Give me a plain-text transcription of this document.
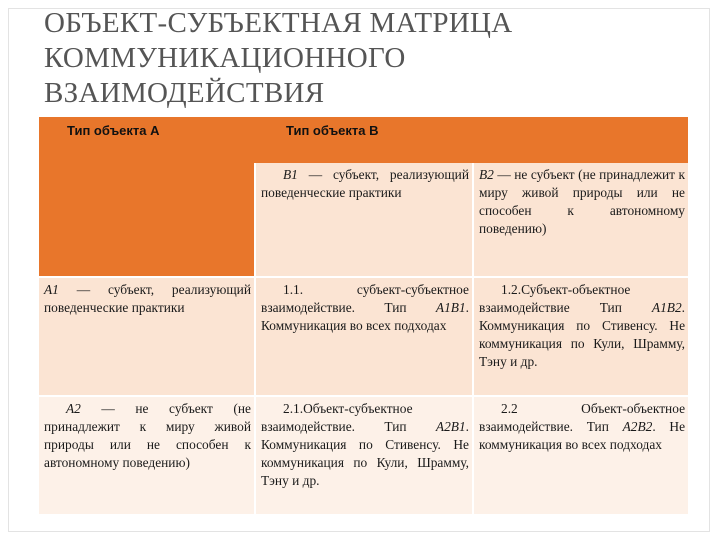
ОБЪЕКТ-СУБЪЕКТНАЯ МАТРИЦА
КОММУНИКАЦИОННОГО
ВЗАИМОДЕЙСТВИЯ
Тип объекта А	Тип объекта В	

	B1 — субъект, реализующий поведенческие практики	B2 — не субъект (не принадлежит к миру живой природы или не способен к автономному поведению)

A1 — субъект, реализующий поведенческие практики	1.1. субъект-субъектное взаимодействие. Тип A1B1. Коммуникация во всех подходах	1.2.Субъект-объектное взаимодействие Тип A1B2. Коммуникация по Стивенсу. Не коммуникация по Кули, Шрамму, Тэну и др.

A2 — не субъект (не принадлежит к миру живой природы или не способен к автономному поведению)	2.1.Объект-субъектное взаимодействие. Тип A2B1. Коммуникация по Стивенсу. Не коммуникация по Кули, Шрамму, Тэну и др.	2.2 Объект-объектное взаимодействие. Тип A2B2. Не коммуникация во всех подходах
